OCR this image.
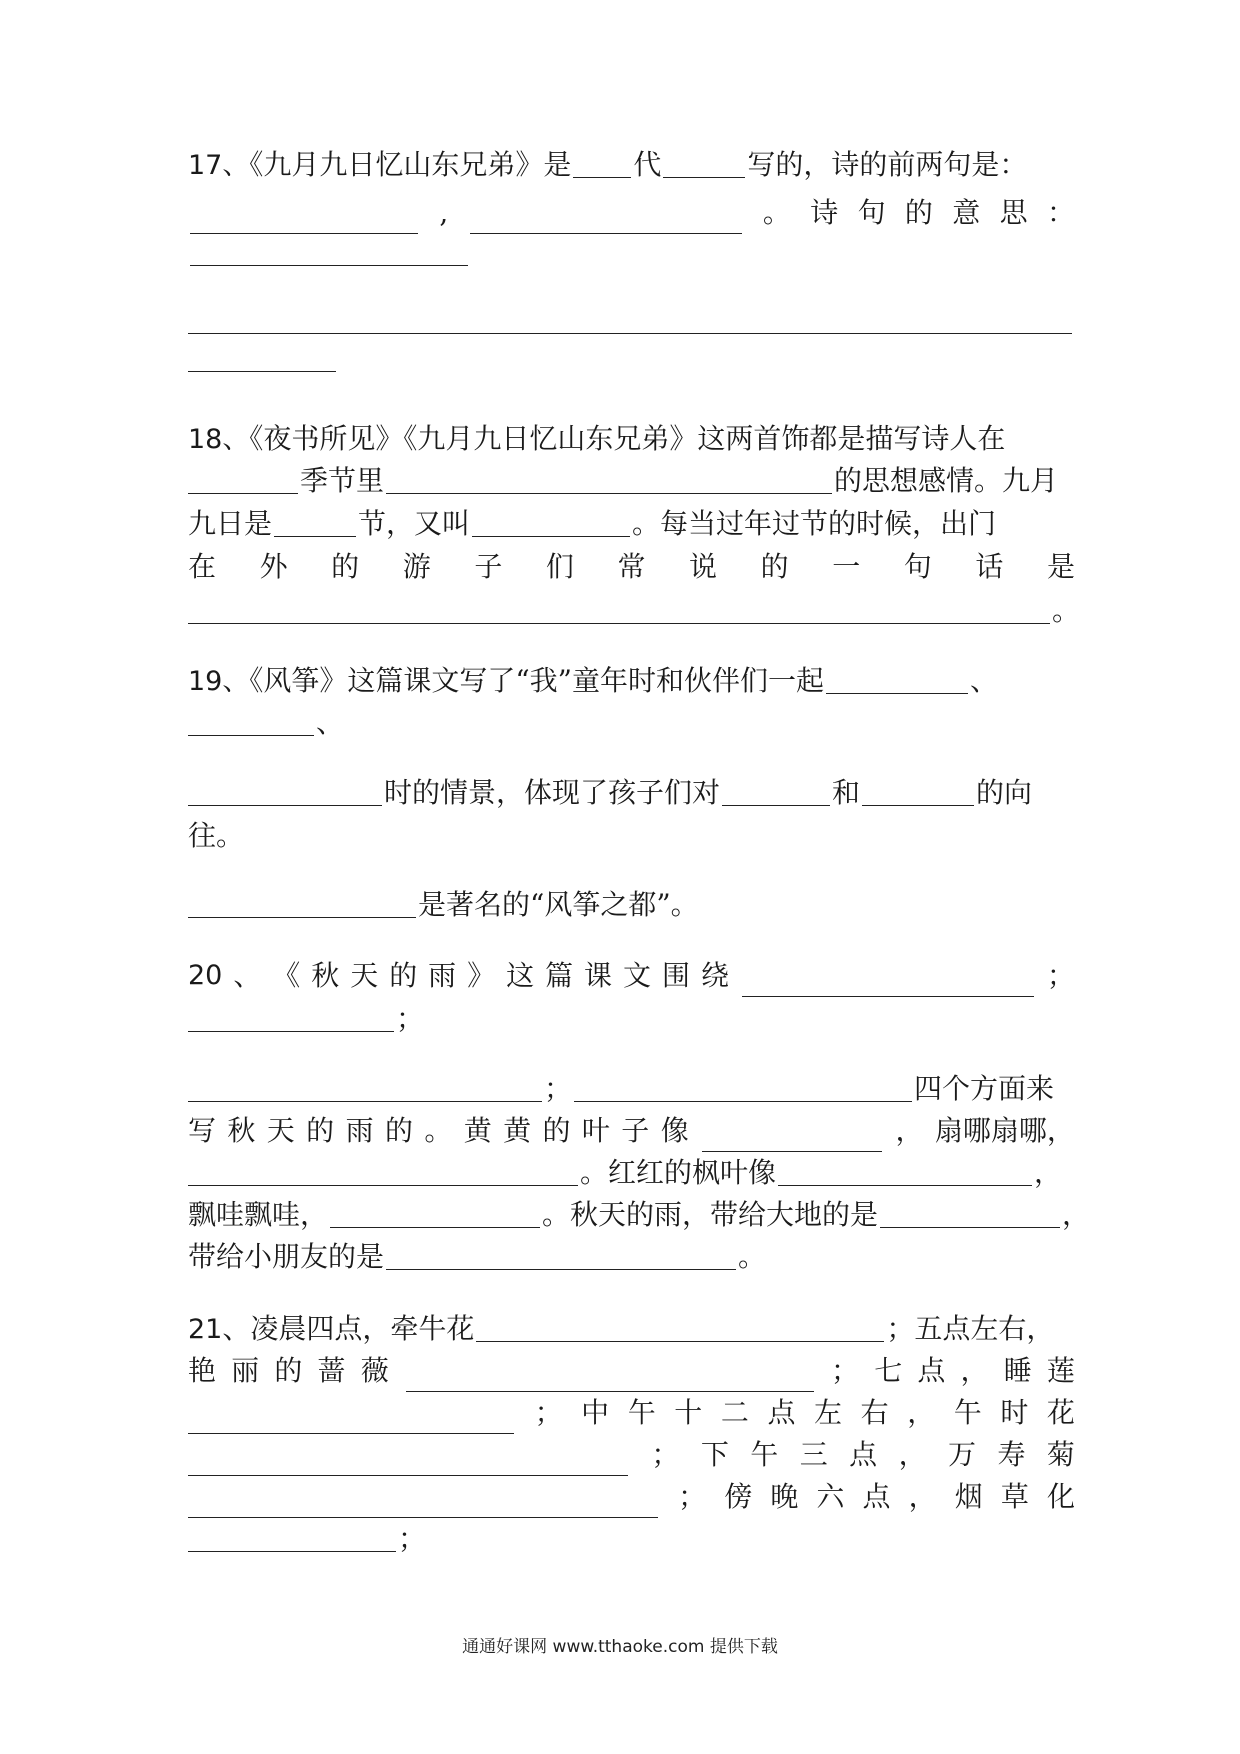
17、《九月九日忆山东兄弟》是 代	写的，诗的前两句是：
,	。 诗 句 的 意 思 ：
18、《夜书所见》《九月九日忆山东兄弟》这两首饰都是描写诗人在
季节里	的思想感情。九月
九日是	节，又叫	。每当过年过节的时候，出门
在 外 的 游 子 们 常 说 的 一 句 话 是
。
19、《风筝》这篇课文写了“我”童年时和伙伴们一起	、
、
时的情景，体现了孩子们对	和	的向
往。
是著名的“风筝之都”。
20 、 《 秋 天 的 雨 》 这 篇 课 文 围 绕	；
；
；	四个方面来
写 秋 天 的 雨 的 。 黄 黄 的 叶 子 像	， 扇哪扇哪，
。红红的枫叶像	，
飘哇飘哇，	。秋天的雨，带给大地的是	，
带给小朋友的是	。
21、凌晨四点，牵牛花	；五点左右，
艳 丽 的 蔷 薇	； 七 点 ， 睡 莲
； 中 午 十 二 点 左 右 ， 午 时 花
； 下 午 三 点 ， 万 寿 菊
； 傍 晚 六 点 ， 烟 草 化
；
通通好课网 www.tthaoke.com 提供下载
